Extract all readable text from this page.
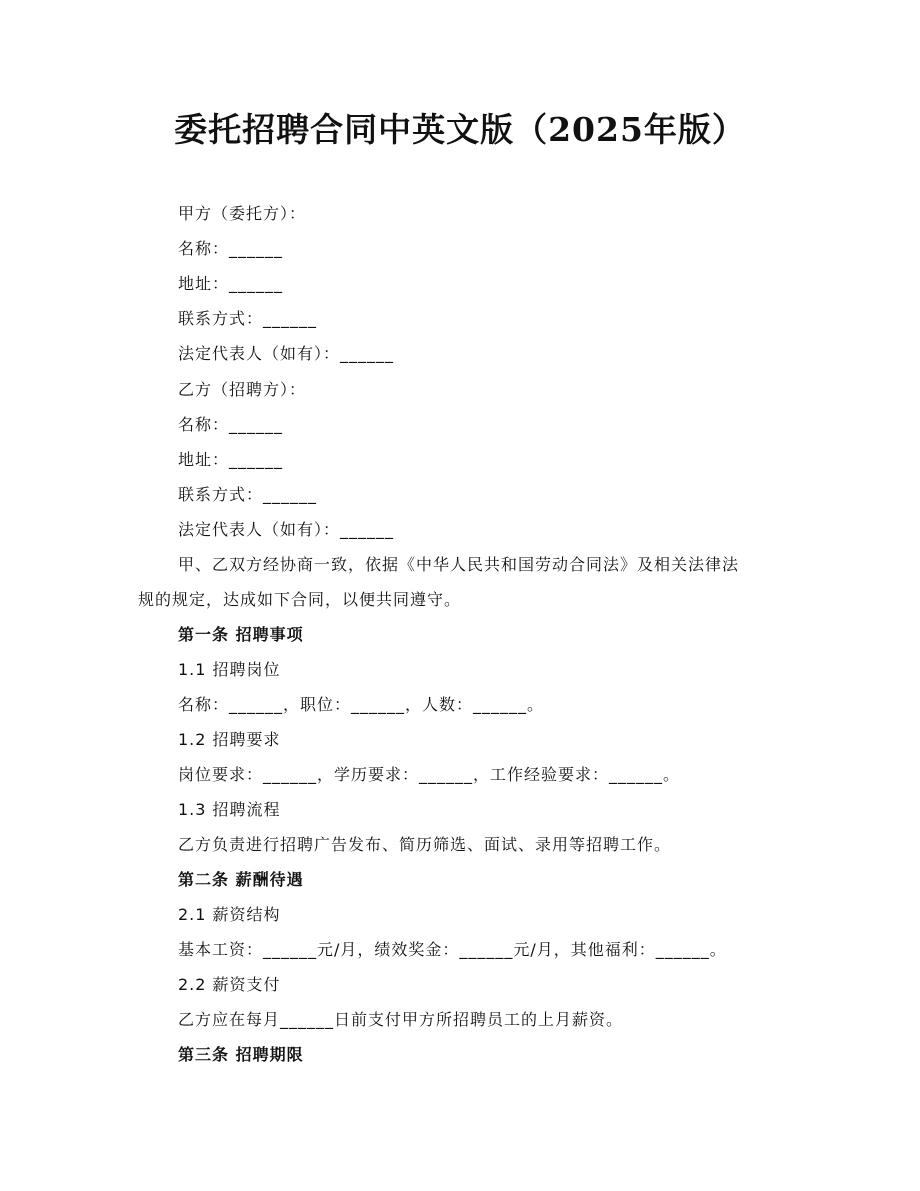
委托招聘合同中英文版（2025年版）
甲方（委托方）：
名称：______
地址：______
联系方式：______
法定代表人（如有）：______
乙方（招聘方）：
名称：______
地址：______
联系方式：______
法定代表人（如有）：______
甲、乙双方经协商一致，依据《中华人民共和国劳动合同法》及相关法律法
规的规定，达成如下合同，以便共同遵守。
第一条 招聘事项
1.1 招聘岗位
名称：______，职位：______，人数：______。
1.2 招聘要求
岗位要求：______，学历要求：______，工作经验要求：______。
1.3 招聘流程
乙方负责进行招聘广告发布、简历筛选、面试、录用等招聘工作。
第二条 薪酬待遇
2.1 薪资结构
基本工资：______元/月，绩效奖金：______元/月，其他福利：______。
2.2 薪资支付
乙方应在每月______日前支付甲方所招聘员工的上月薪资。
第三条 招聘期限
